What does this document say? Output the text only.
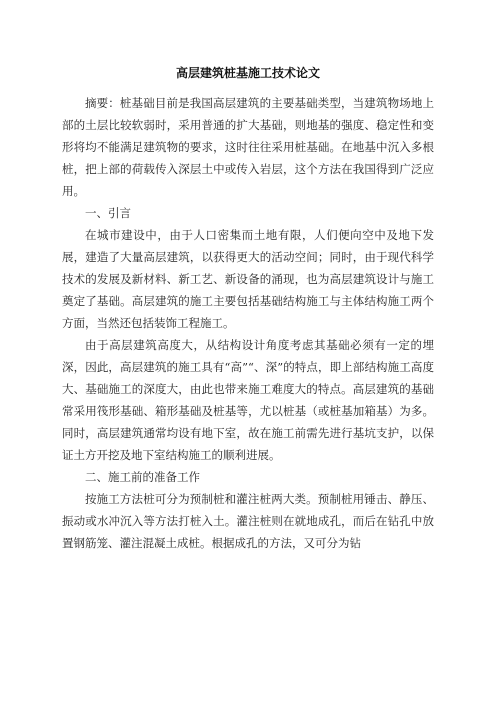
高层建筑桩基施工技术论文

摘要：桩基础目前是我国高层建筑的主要基础类型，当建筑物场地上部的土层比较软弱时，采用普通的扩大基础，则地基的强度、稳定性和变形将均不能满足建筑物的要求，这时往往采用桩基础。在地基中沉入多根桩，把上部的荷载传入深层土中或传入岩层，这个方法在我国得到广泛应用。

一、引言

在城市建设中，由于人口密集而土地有限，人们便向空中及地下发展，建造了大量高层建筑，以获得更大的活动空间；同时，由于现代科学技术的发展及新材料、新工艺、新设备的涌现，也为高层建筑设计与施工奠定了基础。高层建筑的施工主要包括基础结构施工与主体结构施工两个方面，当然还包括装饰工程施工。

由于高层建筑高度大，从结构设计角度考虑其基础必须有一定的埋深，因此，高层建筑的施工具有“高”“、深”的特点，即上部结构施工高度大、基础施工的深度大，由此也带来施工难度大的特点。高层建筑的基础常采用筏形基础、箱形基础及桩基等，尤以桩基（或桩基加箱基）为多。同时，高层建筑通常均设有地下室，故在施工前需先进行基坑支护，以保证土方开挖及地下室结构施工的顺利进展。

二、施工前的准备工作

按施工方法桩可分为预制桩和灌注桩两大类。预制桩用锤击、静压、振动或水冲沉入等方法打桩入土。灌注桩则在就地成孔，而后在钻孔中放置钢筋笼、灌注混凝土成桩。根据成孔的方法，又可分为钻
